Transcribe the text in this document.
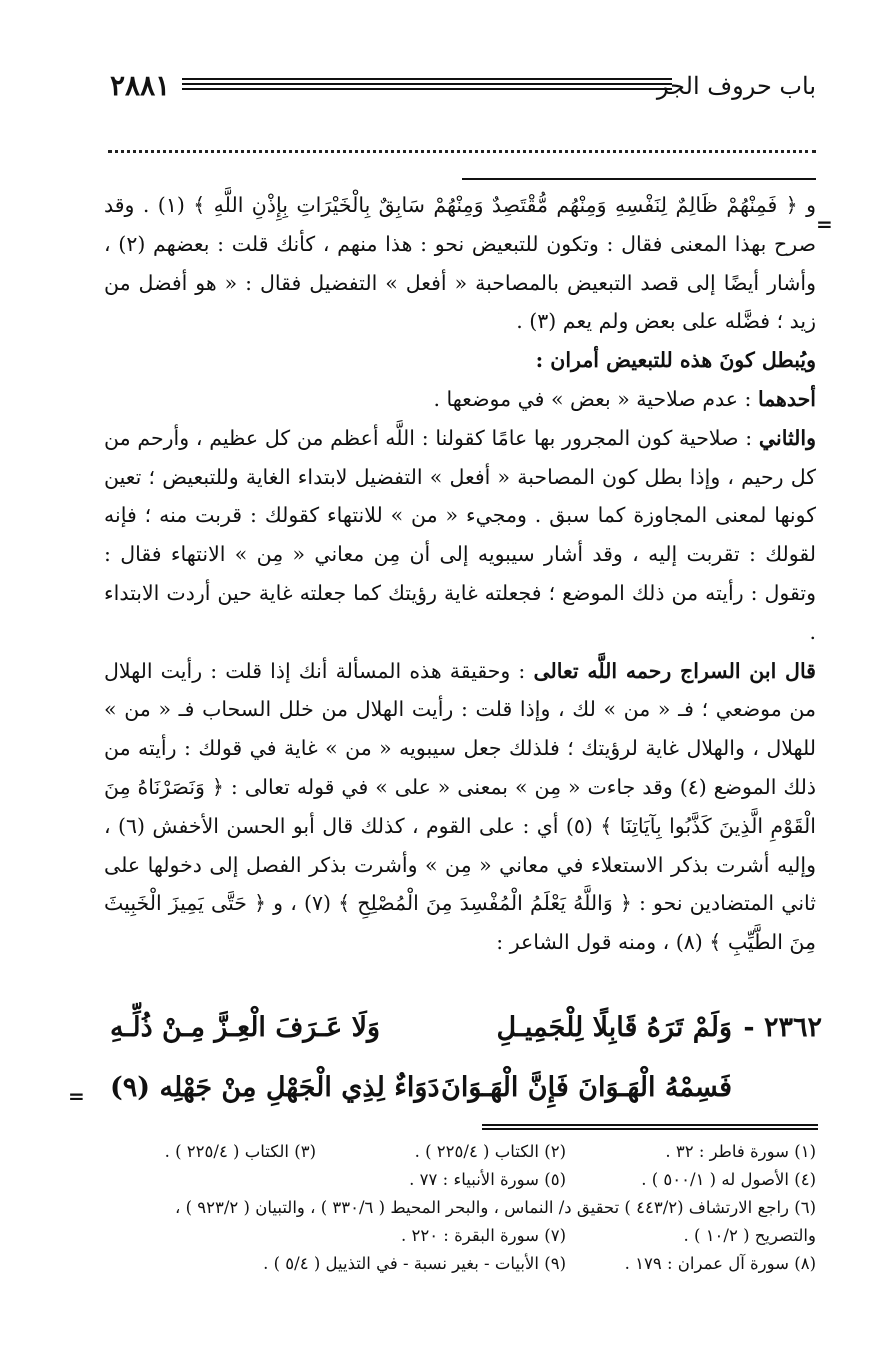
٢٨٨١	باب حروف الجر
=

و ﴿ فَمِنْهُمْ ظَالِمٌ لِنَفْسِهِ وَمِنْهُم مُّقْتَصِدٌ وَمِنْهُمْ سَابِقٌ بِالْخَيْرَاتِ بِإِذْنِ اللَّهِ ﴾ (١) . وقد صرح بهذا المعنى فقال : وتكون للتبعيض نحو : هذا منهم ، كأنك قلت : بعضهم (٢) ، وأشار أيضًا إلى قصد التبعيض بالمصاحبة « أفعل » التفضيل فقال : « هو أفضل من زيد ؛ فضَّله على بعض ولم يعم (٣) .

ويُبطل كونَ هذه للتبعيض أمران :

أحدهما : عدم صلاحية « بعض » في موضعها .

والثاني : صلاحية كون المجرور بها عامًا كقولنا : اللَّه أعظم من كل عظيم ، وأرحم من كل رحيم ، وإذا بطل كون المصاحبة « أفعل » التفضيل لابتداء الغاية وللتبعيض ؛ تعين كونها لمعنى المجاوزة كما سبق . ومجيء « من » للانتهاء كقولك : قربت منه ؛ فإنه لقولك : تقربت إليه ، وقد أشار سيبويه إلى أن مِن معاني « مِن » الانتهاء فقال : وتقول : رأيته من ذلك الموضع ؛ فجعلته غاية رؤيتك كما جعلته غاية حين أردت الابتداء .

قال ابن السراج رحمه اللَّه تعالى : وحقيقة هذه المسألة أنك إذا قلت : رأيت الهلال من موضعي ؛ فـ « من » لك ، وإذا قلت : رأيت الهلال من خلل السحاب فـ « من » للهلال ، والهلال غاية لرؤيتك ؛ فلذلك جعل سيبويه « من » غاية في قولك : رأيته من ذلك الموضع (٤) وقد جاءت « مِن » بمعنى « على » في قوله تعالى : ﴿ وَنَصَرْنَاهُ مِنَ الْقَوْمِ الَّذِينَ كَذَّبُوا بِآيَاتِنَا ﴾ (٥) أي : على القوم ، كذلك قال أبو الحسن الأخفش (٦) ، وإليه أشرت بذكر الاستعلاء في معاني « مِن » وأشرت بذكر الفصل إلى دخولها على ثاني المتضادين نحو : ﴿ وَاللَّهُ يَعْلَمُ الْمُفْسِدَ مِنَ الْمُصْلِحِ ﴾ (٧) ، و ﴿ حَتَّى يَمِيزَ الْخَبِيثَ مِنَ الطَّيِّبِ ﴾ (٨) ، ومنه قول الشاعر :

٢٣٦٢ -
وَلَمْ تَرَهُ قَابِلًا لِلْجَمِيـلِ
وَلَا عَـرَفَ الْعِـزَّ مِـنْ ذُلِّـهِ
فَسِمْهُ الْهَـوَانَ فَإِنَّ الْهَـوَانَ
دَوَاءٌ لِذِي الْجَهْلِ مِنْ جَهْلِه (٩)
=
(١) سورة فاطر : ٣٢ .
(٢) الكتاب ( ٢٢٥/٤ ) .
(٣) الكتاب ( ٢٢٥/٤ ) .
(٤) الأصول له ( ٥٠٠/١ ) .
(٥) سورة الأنبياء : ٧٧ .
(٦) راجع الارتشاف (٤٤٣/٢ ) تحقيق د/ النماس ، والبحر المحيط ( ٣٣٠/٦ ) ، والتبيان ( ٩٢٣/٢ ) ،
والتصريح ( ١٠/٢ ) .
(٧) سورة البقرة : ٢٢٠ .
(٨) سورة آل عمران : ١٧٩ .
(٩) الأبيات - بغير نسبة - في التذييل ( ٥/٤ ) .
